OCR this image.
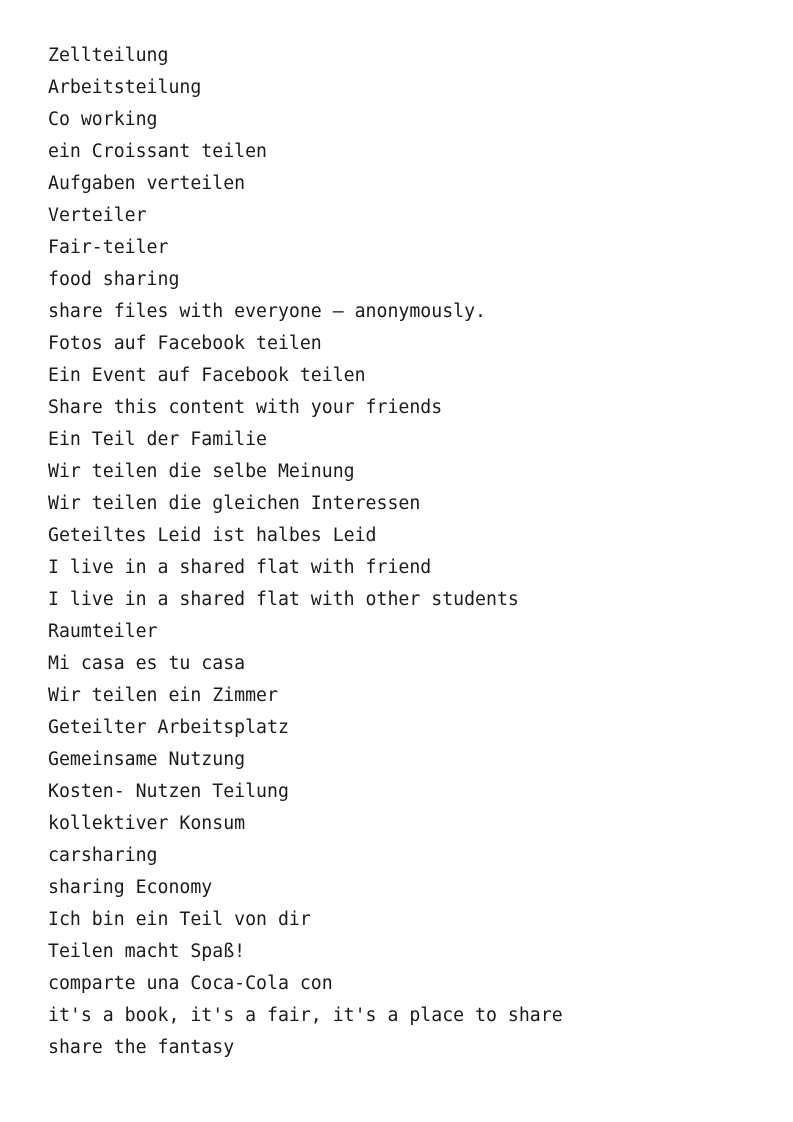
Zellteilung
Arbeitsteilung
Co working
ein Croissant teilen
Aufgaben verteilen
Verteiler
Fair-teiler
food sharing
share files with everyone – anonymously.
Fotos auf Facebook teilen
Ein Event auf Facebook teilen
Share this content with your friends
Ein Teil der Familie
Wir teilen die selbe Meinung
Wir teilen die gleichen Interessen
Geteiltes Leid ist halbes Leid
I live in a shared flat with friend
I live in a shared flat with other students
Raumteiler
Mi casa es tu casa
Wir teilen ein Zimmer
Geteilter Arbeitsplatz
Gemeinsame Nutzung
Kosten- Nutzen Teilung
kollektiver Konsum
carsharing
sharing Economy
Ich bin ein Teil von dir
Teilen macht Spaß!
comparte una Coca-Cola con
it's a book, it's a fair, it's a place to share
share the fantasy
